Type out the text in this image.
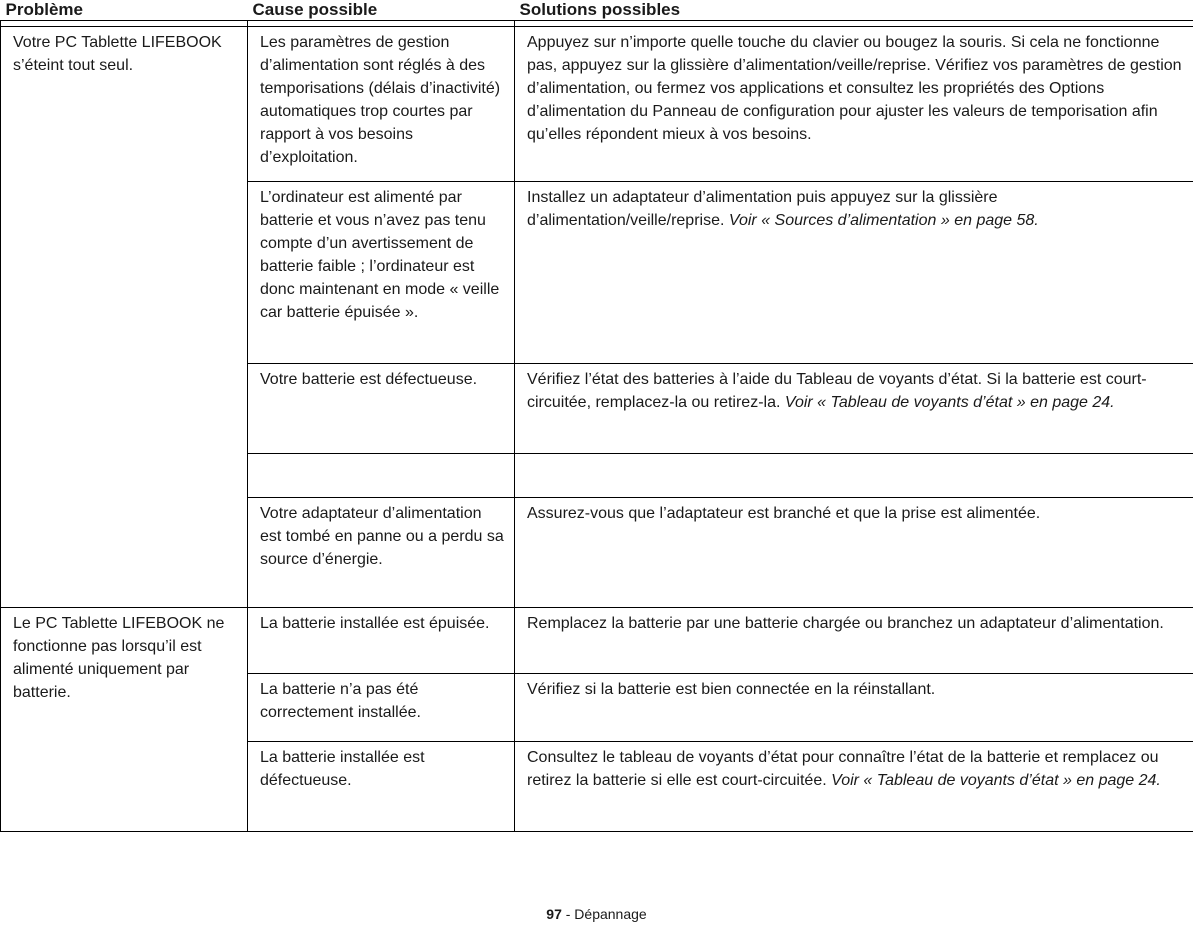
Problème	Cause possible	Solutions possibles

Votre PC Tablette LIFEBOOK s’éteint tout seul.	Les paramètres de gestion d’alimentation sont réglés à des temporisations (délais d’inactivité) automatiques trop courtes par rapport à vos besoins d’exploitation.	Appuyez sur n’importe quelle touche du clavier ou bougez la souris. Si cela ne fonctionne pas, appuyez sur la glissière d’alimentation/veille/reprise. Vérifiez vos paramètres de gestion d’alimentation, ou fermez vos applications et consultez les propriétés des Options d’alimentation du Panneau de configuration pour ajuster les valeurs de temporisation afin qu’elles répondent mieux à vos besoins.
	L’ordinateur est alimenté par batterie et vous n’avez pas tenu compte d’un avertissement de batterie faible ; l’ordinateur est donc maintenant en mode « veille car batterie épuisée ».	Installez un adaptateur d’alimentation puis appuyez sur la glissière d’alimentation/veille/reprise. Voir « Sources d’alimentation » en page 58.
	Votre batterie est défectueuse.	Vérifiez l’état des batteries à l’aide du Tableau de voyants d’état. Si la batterie est court-circuitée, remplacez-la ou retirez-la. Voir « Tableau de voyants d’état » en page 24.

	Votre adaptateur d’alimentation est tombé en panne ou a perdu sa source d’énergie.	Assurez-vous que l’adaptateur est branché et que la prise est alimentée.
Le PC Tablette LIFEBOOK ne fonctionne pas lorsqu’il est alimenté uniquement par batterie.	La batterie installée est épuisée.	Remplacez la batterie par une batterie chargée ou branchez un adaptateur d’alimentation.
	La batterie n’a pas été correctement installée.	Vérifiez si la batterie est bien connectée en la réinstallant.
	La batterie installée est défectueuse.	Consultez le tableau de voyants d’état pour connaître l’état de la batterie et remplacez ou retirez la batterie si elle est court-circuitée. Voir « Tableau de voyants d’état » en page 24.
97 - Dépannage
